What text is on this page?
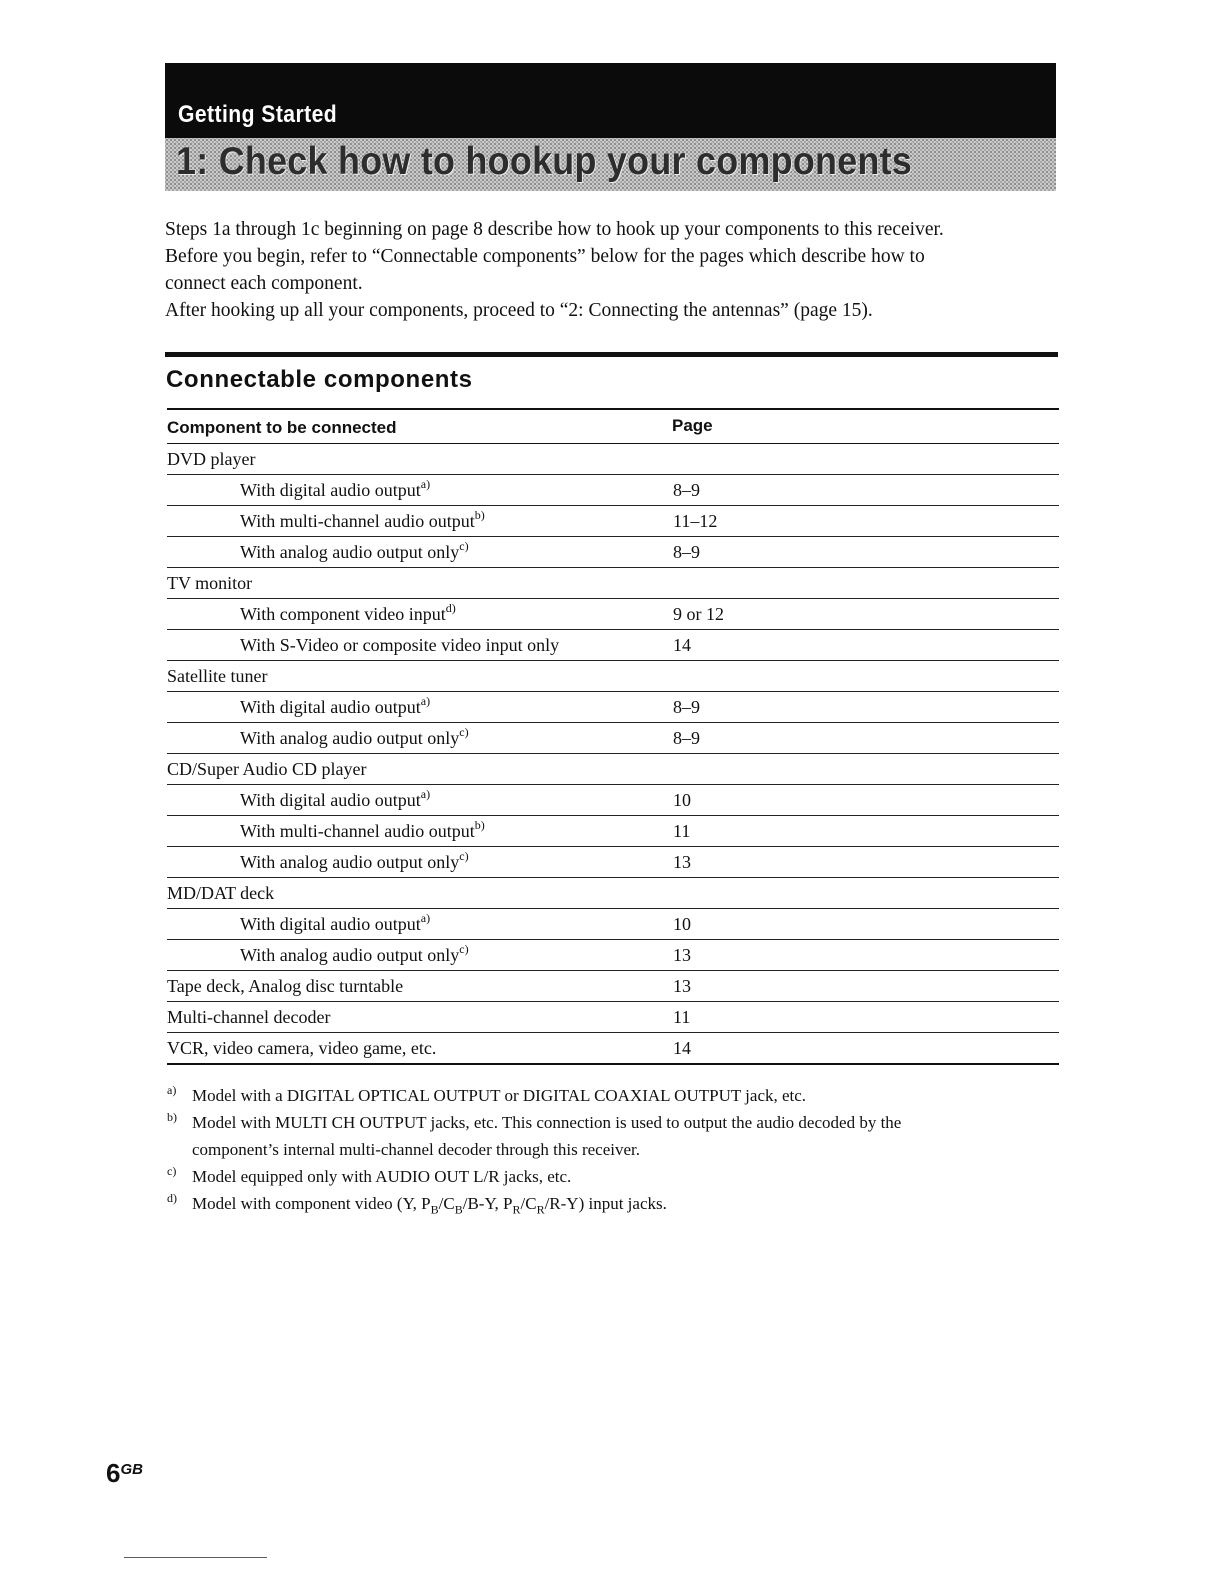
Getting Started
1: Check how to hookup your components

Steps 1a through 1c beginning on page 8 describe how to hook up your components to this receiver.

Before you begin, refer to “Connectable components” below for the pages which describe how to

connect each component.

After hooking up all your components, proceed to “2: Connecting the antennas” (page 15).

Connectable components
Component to be connected	Page
DVD player
With digital audio output$^{a)}$	8–9
With multi-channel audio output$^{b)}$	11–12
With analog audio output only$^{c)}$	8–9
TV monitor
With component video input$^{d)}$	9 or 12
With S-Video or composite video input only	14
Satellite tuner
With digital audio output$^{a)}$	8–9
With analog audio output only$^{c)}$	8–9
CD/Super Audio CD player
With digital audio output$^{a)}$	10
With multi-channel audio output$^{b)}$	11
With analog audio output only$^{c)}$	13
MD/DAT deck
With digital audio output$^{a)}$	10
With analog audio output only$^{c)}$	13
Tape deck, Analog disc turntable	13
Multi-channel decoder	11
VCR, video camera, video game, etc.	14
a) Model with a DIGITAL OPTICAL OUTPUT or DIGITAL COAXIAL OUTPUT jack, etc.
b) Model with MULTI CH OUTPUT jacks, etc. This connection is used to output the audio decoded by the
component’s internal multi-channel decoder through this receiver.
c) Model equipped only with AUDIO OUT L/R jacks, etc.
d) Model with component video (Y, $P_B/C_B/B-Y$, $P_R/C_R/R-Y$) input jacks.
$6^{GB}$
